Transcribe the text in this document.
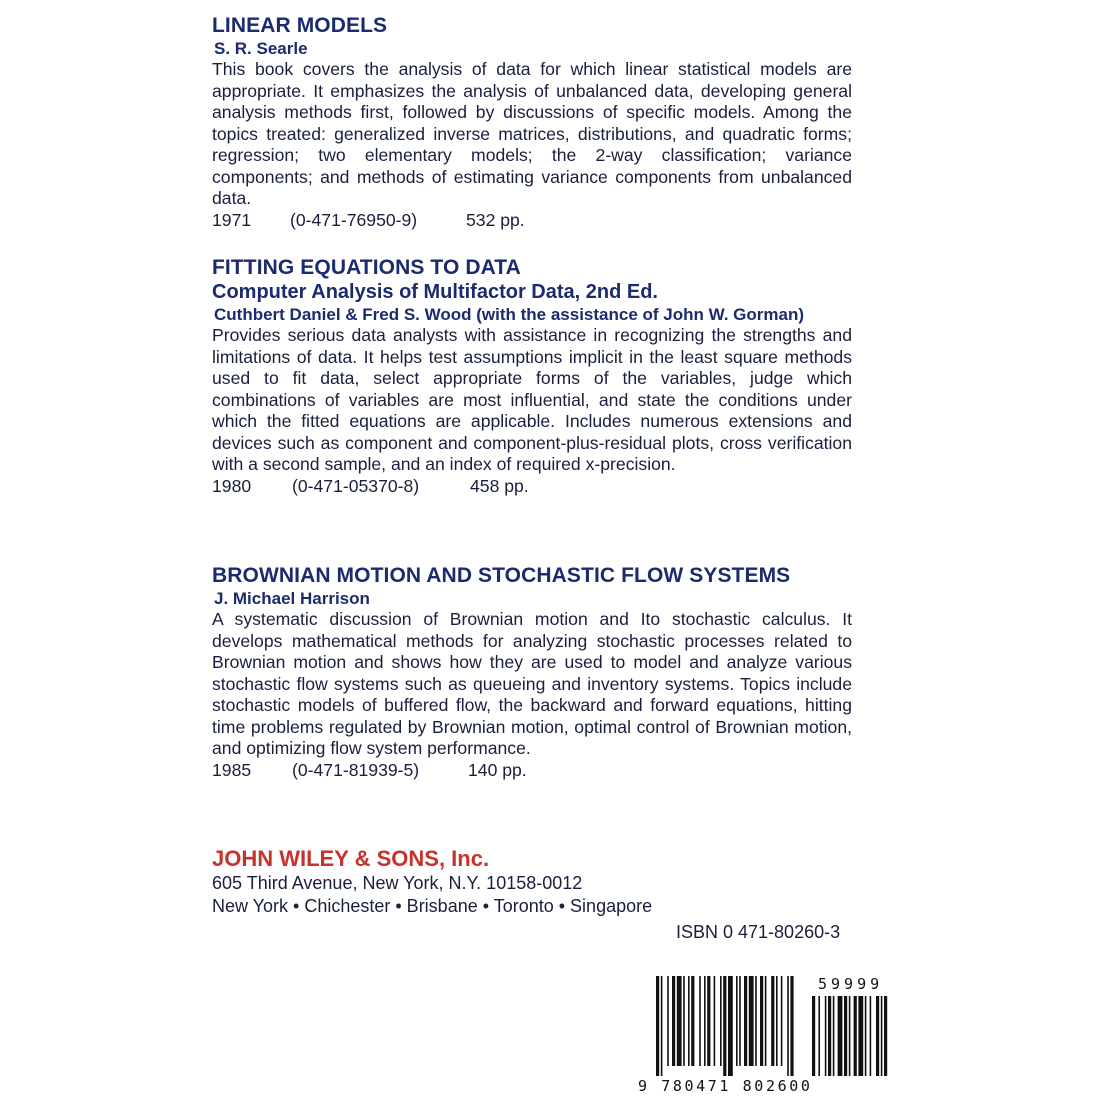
LINEAR MODELS
S. R. Searle

This book covers the analysis of data for which linear statistical models are appropriate. It emphasizes the analysis of unbalanced data, developing general analysis methods first, followed by discussions of specific models. Among the topics treated: generalized inverse matrices, distributions, and quadratic forms; regression; two elementary models; the 2-way classification; variance components; and methods of estimating variance components from unbalanced data.

1971 (0-471-76950-9)	532 pp.
FITTING EQUATIONS TO DATA
Computer Analysis of Multifactor Data, 2nd Ed.
Cuthbert Daniel & Fred S. Wood (with the assistance of John W. Gorman)

Provides serious data analysts with assistance in recognizing the strengths and limitations of data. It helps test assumptions implicit in the least square methods used to fit data, select appropriate forms of the variables, judge which combinations of variables are most influential, and state the conditions under which the fitted equations are applicable. Includes numerous extensions and devices such as component and component-plus-residual plots, cross verification with a second sample, and an index of required x-precision.

1980 (0-471-05370-8)	458 pp.
BROWNIAN MOTION AND STOCHASTIC FLOW SYSTEMS
J. Michael Harrison

A systematic discussion of Brownian motion and Ito stochastic calculus. It develops mathematical methods for analyzing stochastic processes related to Brownian motion and shows how they are used to model and analyze various stochastic flow systems such as queueing and inventory systems. Topics include stochastic models of buffered flow, the backward and forward equations, hitting time problems regulated by Brownian motion, optimal control of Brownian motion, and optimizing flow system performance.

1985 (0-471-81939-5)	140 pp.
JOHN WILEY & SONS, Inc.
605 Third Avenue, New York, N.Y. 10158-0012
New York • Chichester • Brisbane • Toronto • Singapore
ISBN 0 471-80260-3
9 780471 802600
59999
